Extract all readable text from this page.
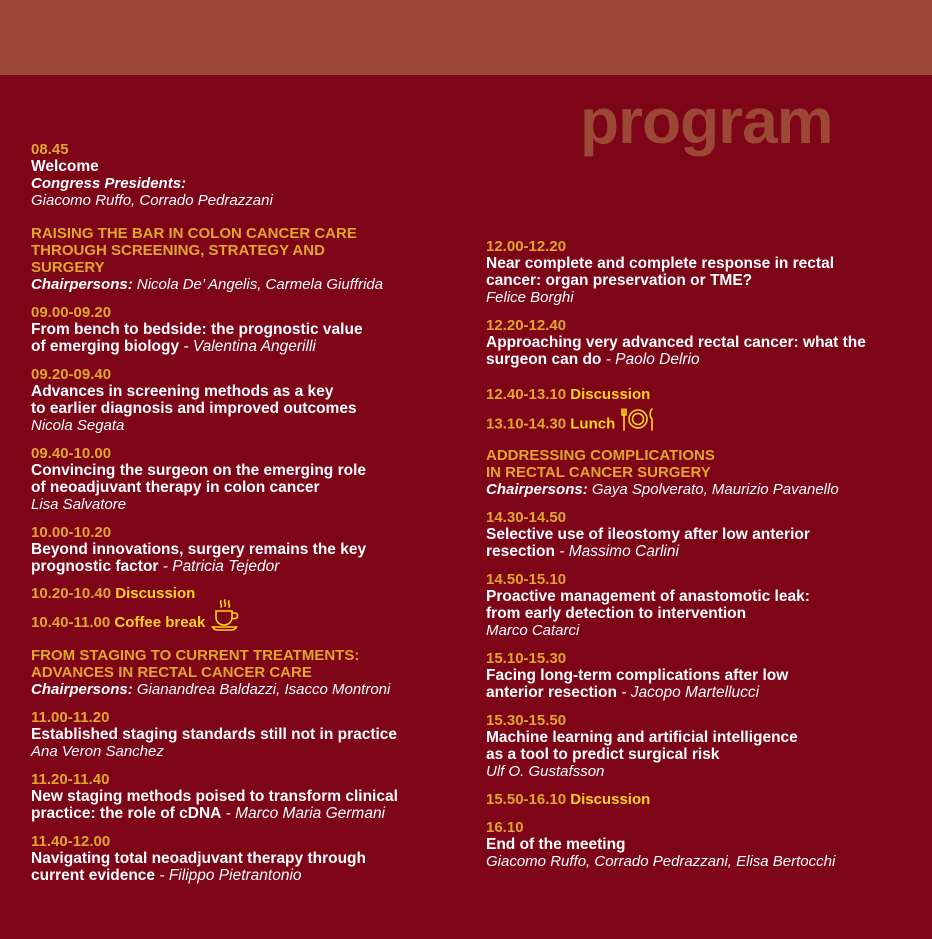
program
08.45
Welcome
Congress Presidents:
Giacomo Ruffo, Corrado Pedrazzani
RAISING THE BAR IN COLON CANCER CARE
THROUGH SCREENING, STRATEGY AND
SURGERY
Chairpersons: Nicola De’ Angelis, Carmela Giuffrida
09.00-09.20
From bench to bedside: the prognostic value
of emerging biology - Valentina Angerilli
09.20-09.40
Advances in screening methods as a key
to earlier diagnosis and improved outcomes
Nicola Segata
09.40-10.00
Convincing the surgeon on the emerging role
of neoadjuvant therapy in colon cancer
Lisa Salvatore
10.00-10.20
Beyond innovations, surgery remains the key
prognostic factor - Patricia Tejedor
10.20-10.40 Discussion
10.40-11.00 Coffee break
FROM STAGING TO CURRENT TREATMENTS:
ADVANCES IN RECTAL CANCER CARE
Chairpersons: Gianandrea Baldazzi, Isacco Montroni
11.00-11.20
Established staging standards still not in practice
Ana Veron Sanchez
11.20-11.40
New staging methods poised to transform clinical
practice: the role of cDNA - Marco Maria Germani
11.40-12.00
Navigating total neoadjuvant therapy through
current evidence - Filippo Pietrantonio
12.00-12.20
Near complete and complete response in rectal
cancer: organ preservation or TME?
Felice Borghi
12.20-12.40
Approaching very advanced rectal cancer: what the
surgeon can do - Paolo Delrio
12.40-13.10 Discussion
13.10-14.30 Lunch
ADDRESSING COMPLICATIONS
IN RECTAL CANCER SURGERY
Chairpersons: Gaya Spolverato, Maurizio Pavanello
14.30-14.50
Selective use of ileostomy after low anterior
resection - Massimo Carlini
14.50-15.10
Proactive management of anastomotic leak:
from early detection to intervention
Marco Catarci
15.10-15.30
Facing long-term complications after low
anterior resection - Jacopo Martellucci
15.30-15.50
Machine learning and artificial intelligence
as a tool to predict surgical risk
Ulf O. Gustafsson
15.50-16.10 Discussion
16.10
End of the meeting
Giacomo Ruffo, Corrado Pedrazzani, Elisa Bertocchi
